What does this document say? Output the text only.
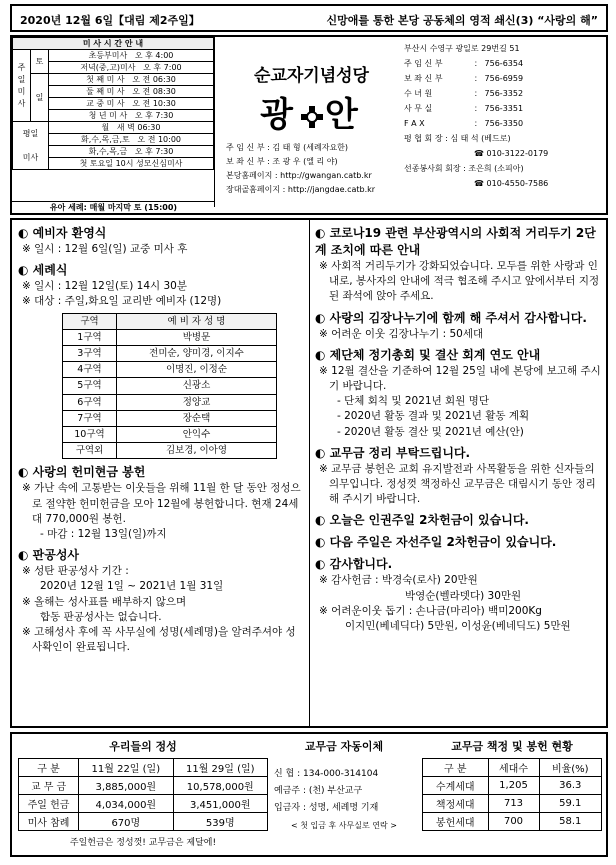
2020년 12월 6일【대림 제2주일】	신망애를 통한 본당 공동체의 영적 쇄신(3) “사랑의 해”
미 사 시 간 안 내		
주
일
미
사	토	초등부미사 오 후 4:00
		저녁(중,고)미사 오 후 7:00
	일	첫 째 미 사 오 전 06:30
		둘 째 미 사 오 전 08:30
		교 중 미 사 오 전 10:30
		청 년 미 사 오 후 7:30
평일

미사		월 새 벽 06:30
		화,수,목,금,토 오 전 10:00
		화,수,목,금 오 후 7:30
		첫 토요일 10시 성모신심미사
유아 세례: 매월 마지막 토 (15:00)
순교자기념성당
광 안
주 임 신 부 : 김 태 형 (세례자요한)
보 좌 신 부 : 조 광 우 (엘 리 야)
본당홈페이지 : http://gwangan.catb.kr
장대골홈페이지 : http://jangdae.catb.kr
부산시 수영구 광일로 29번길 51
주 임 신 부	： 756-6354
보 좌 신 부	： 756-6959
수 녀 원	： 756-3352
사 무 실	： 756-3351
F A X	： 756-3350
평 협 회 장 : 심 태 석 (베드로)
☎ 010-3122-0179
선종봉사회 회장 : 조은희 (소피아)
☎ 010-4550-7586
◐ 예비자 환영식
※ 일시 : 12월 6일(일) 교중 미사 후
◐ 세례식
※ 일시 : 12월 12일(토) 14시 30분
※ 대상 : 주일,화요일 교리반 예비자 (12명)
구역	예 비 자 성 명
1구역	박병문
3구역	전미순, 양미경, 이지수
4구역	이명진, 이정순
5구역	신광소
6구역	정양교
7구역	장순택
10구역	안익수
구역외	김보경, 이아영
◐ 사랑의 헌미현금 봉헌
※ 가난 속에 고통받는 이웃들을 위해 11월 한 달 동안 정성으로 절약한 헌미헌금을 모아 12월에 봉헌합니다. 현재 24세대 770,000원 봉헌.
- 마감 : 12월 13일(일)까지
◐ 판공성사
※ 성탄 판공성사 기간 :
2020년 12월 1일 ~ 2021년 1월 31일
※ 올해는 성사표를 배부하지 않으며
합동 판공성사는 없습니다.
※ 고해성사 후에 꼭 사무실에 성명(세례명)을 알려주셔야 성사확인이 완료됩니다.
◐ 코로나19 관련 부산광역시의 사회적 거리두기 2단계 조치에 따른 안내
※ 사회적 거리두기가 강화되었습니다. 모두를 위한 사랑과 인내로, 봉사자의 안내에 적극 협조해 주시고 앞에서부터 지정된 좌석에 앉아 주세요.
◐ 사랑의 김장나누기에 함께 해 주셔서 감사합니다.
※ 어려운 이웃 김장나누기 : 50세대
◐ 제단체 정기총회 및 결산 회계 연도 안내
※ 12월 결산을 기준하여 12월 25일 내에 본당에 보고해 주시기 바랍니다.
- 단체 회칙 및 2021년 회원 명단
- 2020년 활동 결과 및 2021년 활동 계획
- 2020년 활동 결산 및 2021년 예산(안)
◐ 교무금 정리 부탁드립니다.
※ 교무금 봉헌은 교회 유지발전과 사목활동을 위한 신자들의 의무입니다. 정성껏 책정하신 교무금은 대림시기 동안 정리해 주시기 바랍니다.
◐ 오늘은 인권주일 2차헌금이 있습니다.
◐ 다음 주일은 자선주일 2차헌금이 있습니다.
◐ 감사합니다.
※ 감사헌금 : 박경숙(로사) 20만원
박영순(벨라뎃다) 30만원
※ 어려운이웃 돕기 : 손나금(마리아) 백미200Kg
이지민(베네딕다) 5만원, 이성윤(베네딕도) 5만원
우리들의 정성
구 분	11월 22일 (일)	11월 29일 (일)
교 무 금	3,885,000원	10,578,000원
주일 헌금	4,034,000원	3,451,000원
미사 참례	670명	539명
주일헌금은 정성껏! 교무금은 제달에!
교무금 자동이체
신 협 : 134-000-314104
예금주 : (천) 부산교구
입금자 : 성명, 세례명 기재
< 첫 입금 후 사무실로 연락 >
교무금 책정 및 봉헌 현황
구 분	세대수	비율(%)
수계세대	1,205	36.3
책정세대	713	59.1
봉헌세대	700	58.1
